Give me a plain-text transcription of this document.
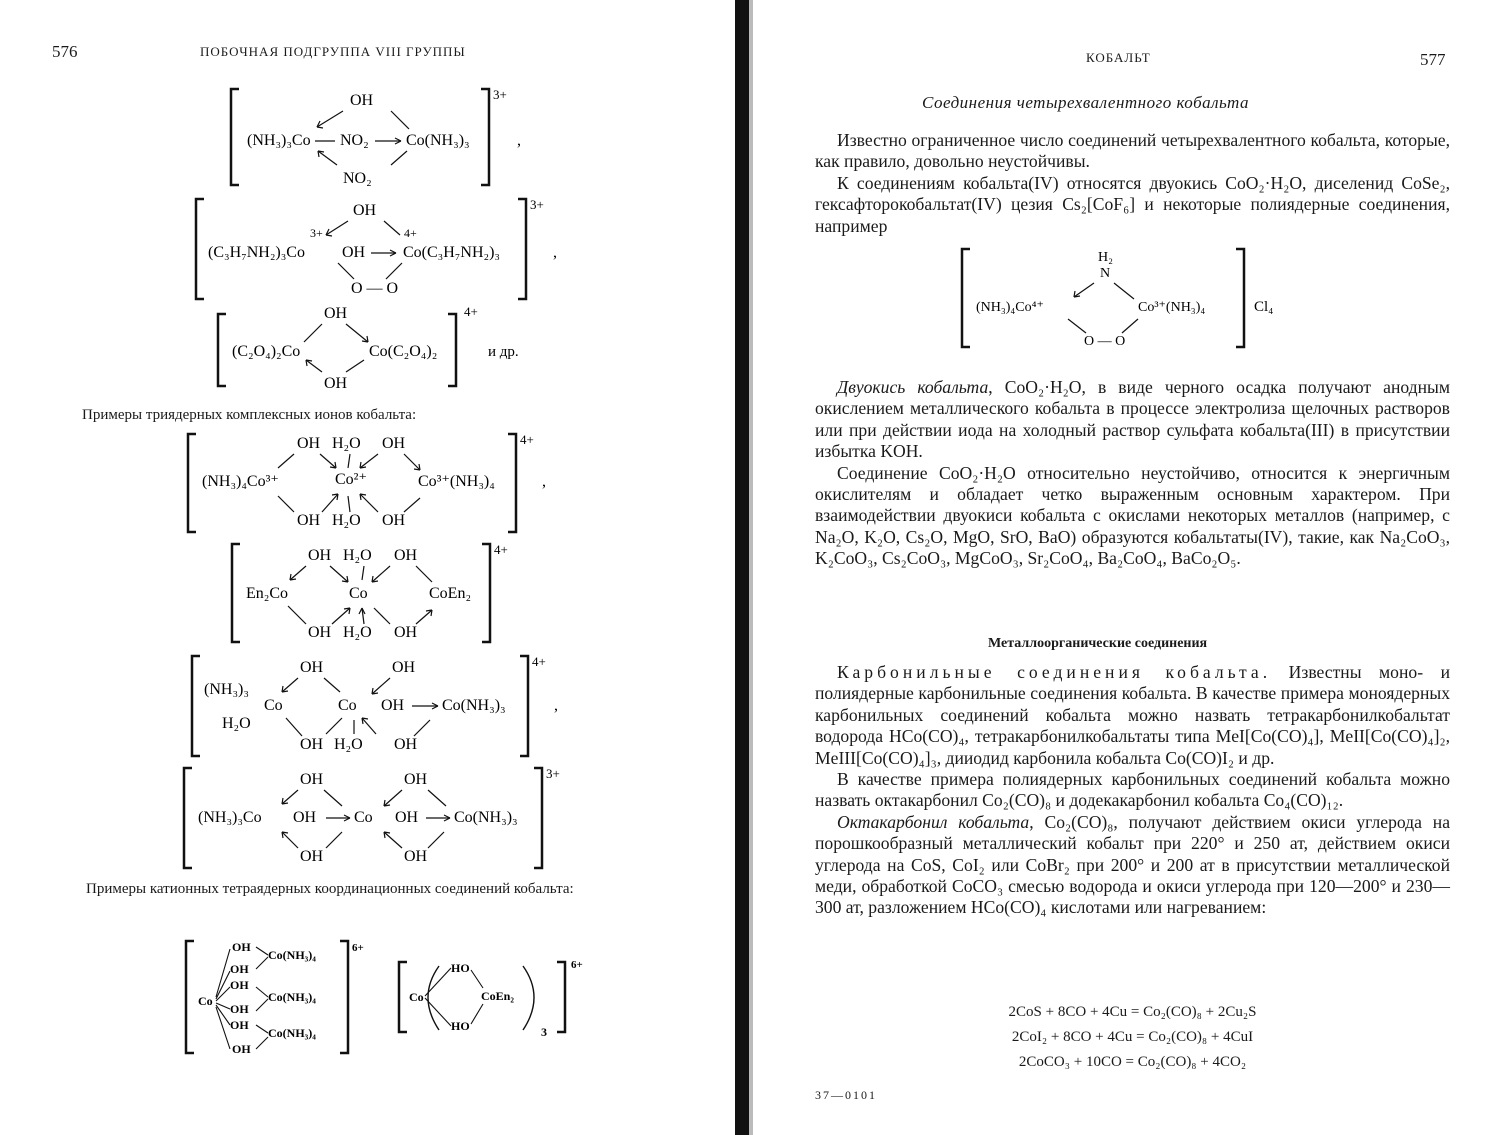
576	ПОБОЧНАЯ ПОДГРУППА VIII ГРУППЫ
OH
(NH₃)₃Co NO₂ Co(NH₃)₃
NO₂
3+
,
OH
3+	4+
(C₃H₇NH₂)₃Co OH Co(C₃H₇NH₂)₃
O — O
3+
,
OH
(C₂O₄)₂Co	Co(C₂O₄)₂
OH
4+
и др.
Примеры триядерных комплексных ионов кобальта:
OH H₂O OH
(NH₃)₄Co³⁺	Co²⁺	Co³⁺(NH₃)₄
OH H₂O OH
4+
,
OH H₂O OH
En₂Co	Co	CoEn₂
OH H₂O OH
4+
OH	OH
(NH₃)₃
Co
H₂O
Co OH Co(NH₃)₃
OH H₂O OH
4+
,
OH	OH
(NH₃)₃Co OH Co OH Co(NH₃)₃
OH	OH
3+
Примеры катионных тетраядерных координационных соединений кобальта:
6+
Co
OH
OH
OH
OH
OH
OH
Co(NH₃)₄
Co(NH₃)₄
Co(NH₃)₄
6+
Co
HO
HO
CoEn₂
3
КОБАЛЬТ	577
Соединения четырехвалентного кобальта

Известно ограниченное число соединений четырехвалентного кобальта, которые, как правило, довольно неустойчивы.

К соединениям кобальта(IV) относятся двуокись CoO₂·H₂O, диселенид CoSe₂, гексафторокобальтат(IV) цезия Cs₂[CoF₆] и некоторые полиядерные соединения, например

H₂
N
(NH₃)₄Co⁴⁺	Co³⁺(NH₃)₄
O — O
Cl₄

Двуокись кобальта, CoO₂·H₂O, в виде черного осадка получают анодным окислением металлического кобальта в процессе электролиза щелочных растворов или при действии иода на холодный раствор сульфата кобальта(III) в присутствии избытка KOH.

Соединение CoO₂·H₂O относительно неустойчиво, относится к энергичным окислителям и обладает четко выраженным основным характером. При взаимодействии двуокиси кобальта с окислами некоторых металлов (например, с Na₂O, K₂O, Cs₂O, MgO, SrO, BaO) образуются кобальтаты(IV), такие, как Na₂CoO₃, K₂CoO₃, Cs₂CoO₃, MgCoO₃, Sr₂CoO₄, Ba₂CoO₄, BaCo₂O₅.

Металлоорганические соединения

Карбонильные соединения кобальта. Известны моно- и полиядерные карбонильные соединения кобальта. В качестве примера моноядерных карбонильных соединений кобальта можно назвать тетракарбонилкобальтат водорода HCo(CO)₄, тетракарбонилкобальтаты типа MeI[Co(CO)₄], MeII[Co(CO)₄]₂, MeIII[Co(CO)₄]₃, дииодид карбонила кобальта Co(CO)I₂ и др.

В качестве примера полиядерных карбонильных соединений кобальта можно назвать октакарбонил Co₂(CO)₈ и додекакарбонил кобальта Co₄(CO)₁₂.

Октакарбонил кобальта, Co₂(CO)₈, получают действием окиси углерода на порошкообразный металлический кобальт при 220° и 250 ат, действием окиси углерода на CoS, CoI₂ или CoBr₂ при 200° и 200 ат в присутствии металлической меди, обработкой CoCO₃ смесью водорода и окиси углерода при 120—200° и 230—300 ат, разложением HCo(CO)₄ кислотами или нагреванием:

2CoS + 8CO + 4Cu = Co₂(CO)₈ + 2Cu₂S
2CoI₂ + 8CO + 4Cu = Co₂(CO)₈ + 4CuI
2CoCO₃ + 10CO = Co₂(CO)₈ + 4CO₂
37—0101
